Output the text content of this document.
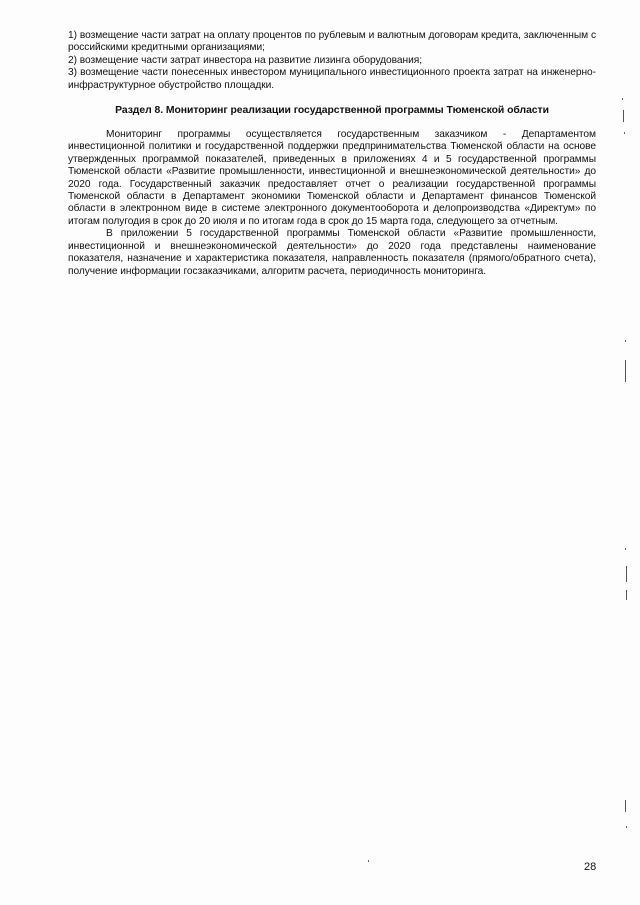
1) возмещение части затрат на оплату процентов по рублевым и валютным договорам кредита, заключенным с российскими кредитными организациями;

2) возмещение части затрат инвестора на развитие лизинга оборудования;

3) возмещение части понесенных инвестором муниципального инвестиционного проекта затрат на инженерно-инфраструктурное обустройство площадки.

Раздел 8. Мониторинг реализации государственной программы Тюменской области

Мониторинг программы осуществляется государственным заказчиком - Департаментом инвестиционной политики и государственной поддержки предпринимательства Тюменской области на основе утвержденных программой показателей, приведенных в приложениях 4 и 5 государственной программы Тюменской области «Развитие промышленности, инвестиционной и внешнеэкономической деятельности» до 2020 года. Государственный заказчик предоставляет отчет о реализации государственной программы Тюменской области в Департамент экономики Тюменской области и Департамент финансов Тюменской области в электронном виде в системе электронного документооборота и делопроизводства «Директум» по итогам полугодия в срок до 20 июля и по итогам года в срок до 15 марта года, следующего за отчетным.

В приложении 5 государственной программы Тюменской области «Развитие промышленности, инвестиционной и внешнеэкономической деятельности» до 2020 года представлены наименование показателя, назначение и характеристика показателя, направленность показателя (прямого/обратного счета), получение информации госзаказчиками, алгоритм расчета, периодичность мониторинга.

28
